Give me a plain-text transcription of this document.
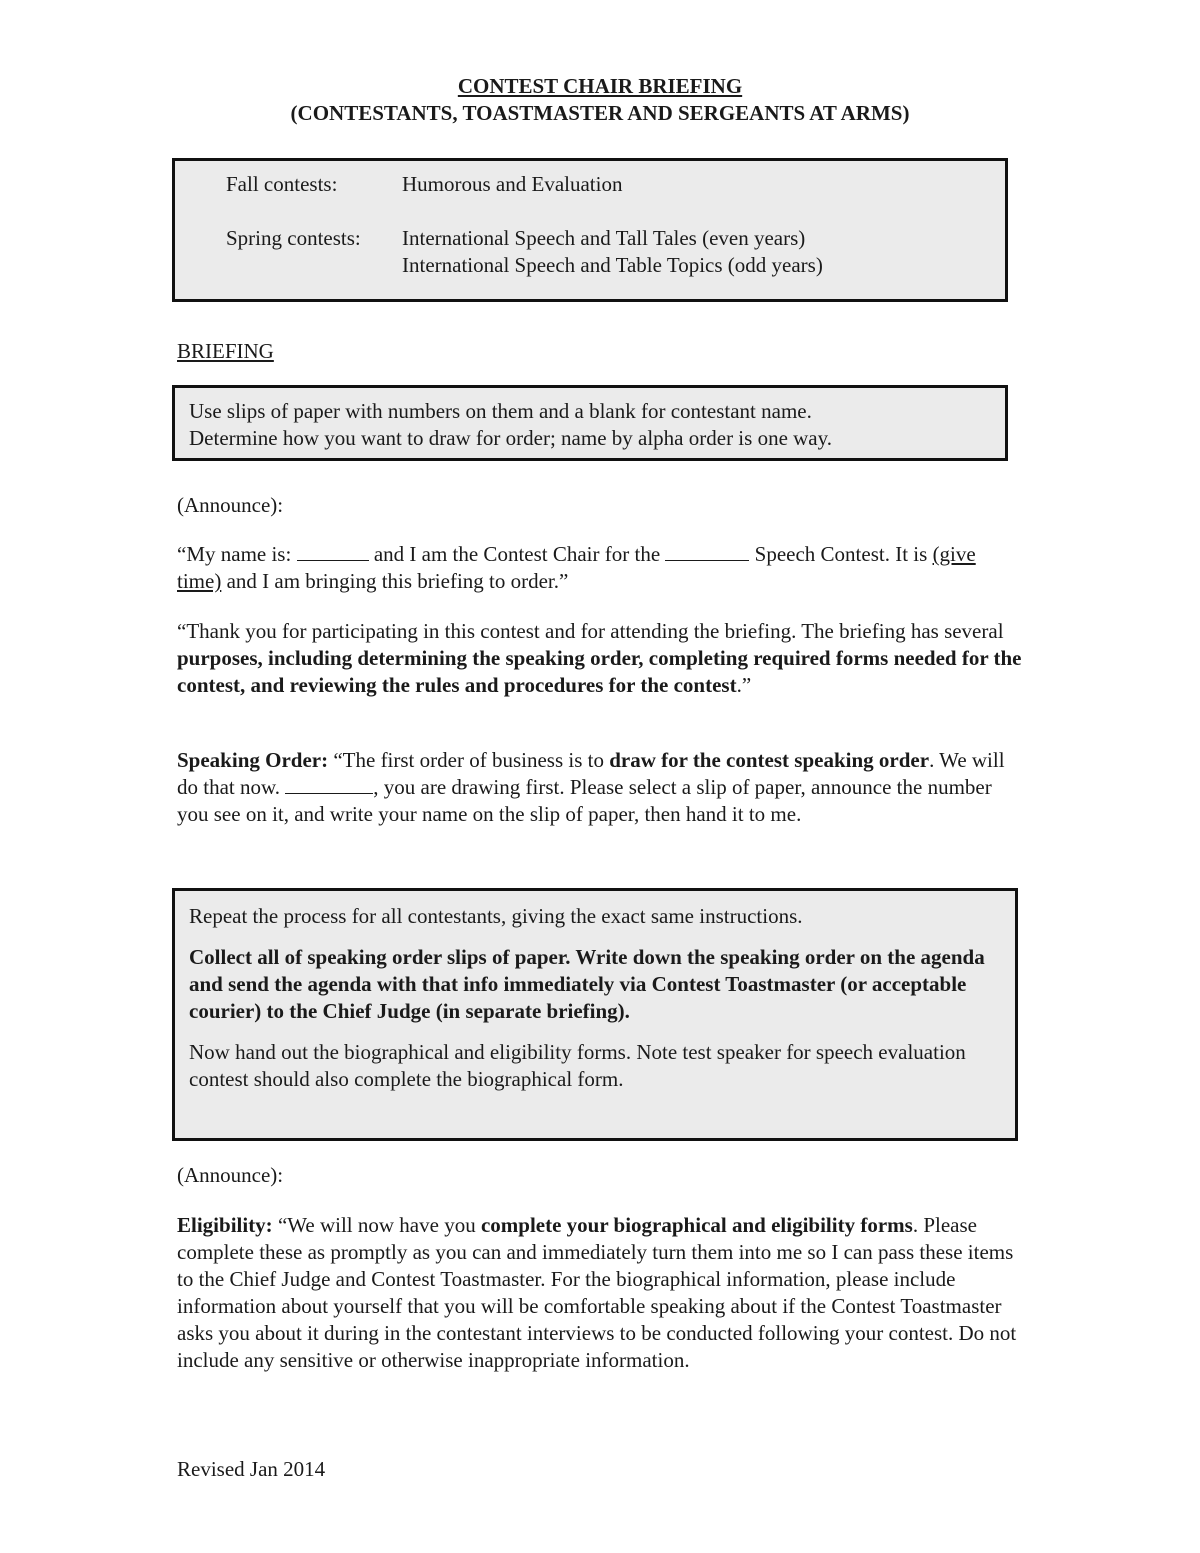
CONTEST CHAIR BRIEFING
(CONTESTANTS, TOASTMASTER AND SERGEANTS AT ARMS)
Fall contests:	Humorous and Evaluation
Spring contests: International Speech and Tall Tales (even years)
International Speech and Table Topics (odd years)
BRIEFING
Use slips of paper with numbers on them and a blank for contestant name.
Determine how you want to draw for order; name by alpha order is one way.
(Announce):

“My name is:	and I am the Contest Chair for the	Speech Contest. It is (give time) and I am bringing this briefing to order.”

“Thank you for participating in this contest and for attending the briefing. The briefing has several purposes, including determining the speaking order, completing required forms needed for the contest, and reviewing the rules and procedures for the contest.”

Speaking Order: “The first order of business is to draw for the contest speaking order. We will do that now.	, you are drawing first. Please select a slip of paper, announce the number you see on it, and write your name on the slip of paper, then hand it to me.

Repeat the process for all contestants, giving the exact same instructions.

Collect all of speaking order slips of paper. Write down the speaking order on the agenda and send the agenda with that info immediately via Contest Toastmaster (or acceptable courier) to the Chief Judge (in separate briefing).

Now hand out the biographical and eligibility forms. Note test speaker for speech evaluation contest should also complete the biographical form.

(Announce):

Eligibility: “We will now have you complete your biographical and eligibility forms. Please complete these as promptly as you can and immediately turn them into me so I can pass these items to the Chief Judge and Contest Toastmaster. For the biographical information, please include information about yourself that you will be comfortable speaking about if the Contest Toastmaster asks you about it during in the contestant interviews to be conducted following your contest. Do not include any sensitive or otherwise inappropriate information.

Revised Jan 2014
